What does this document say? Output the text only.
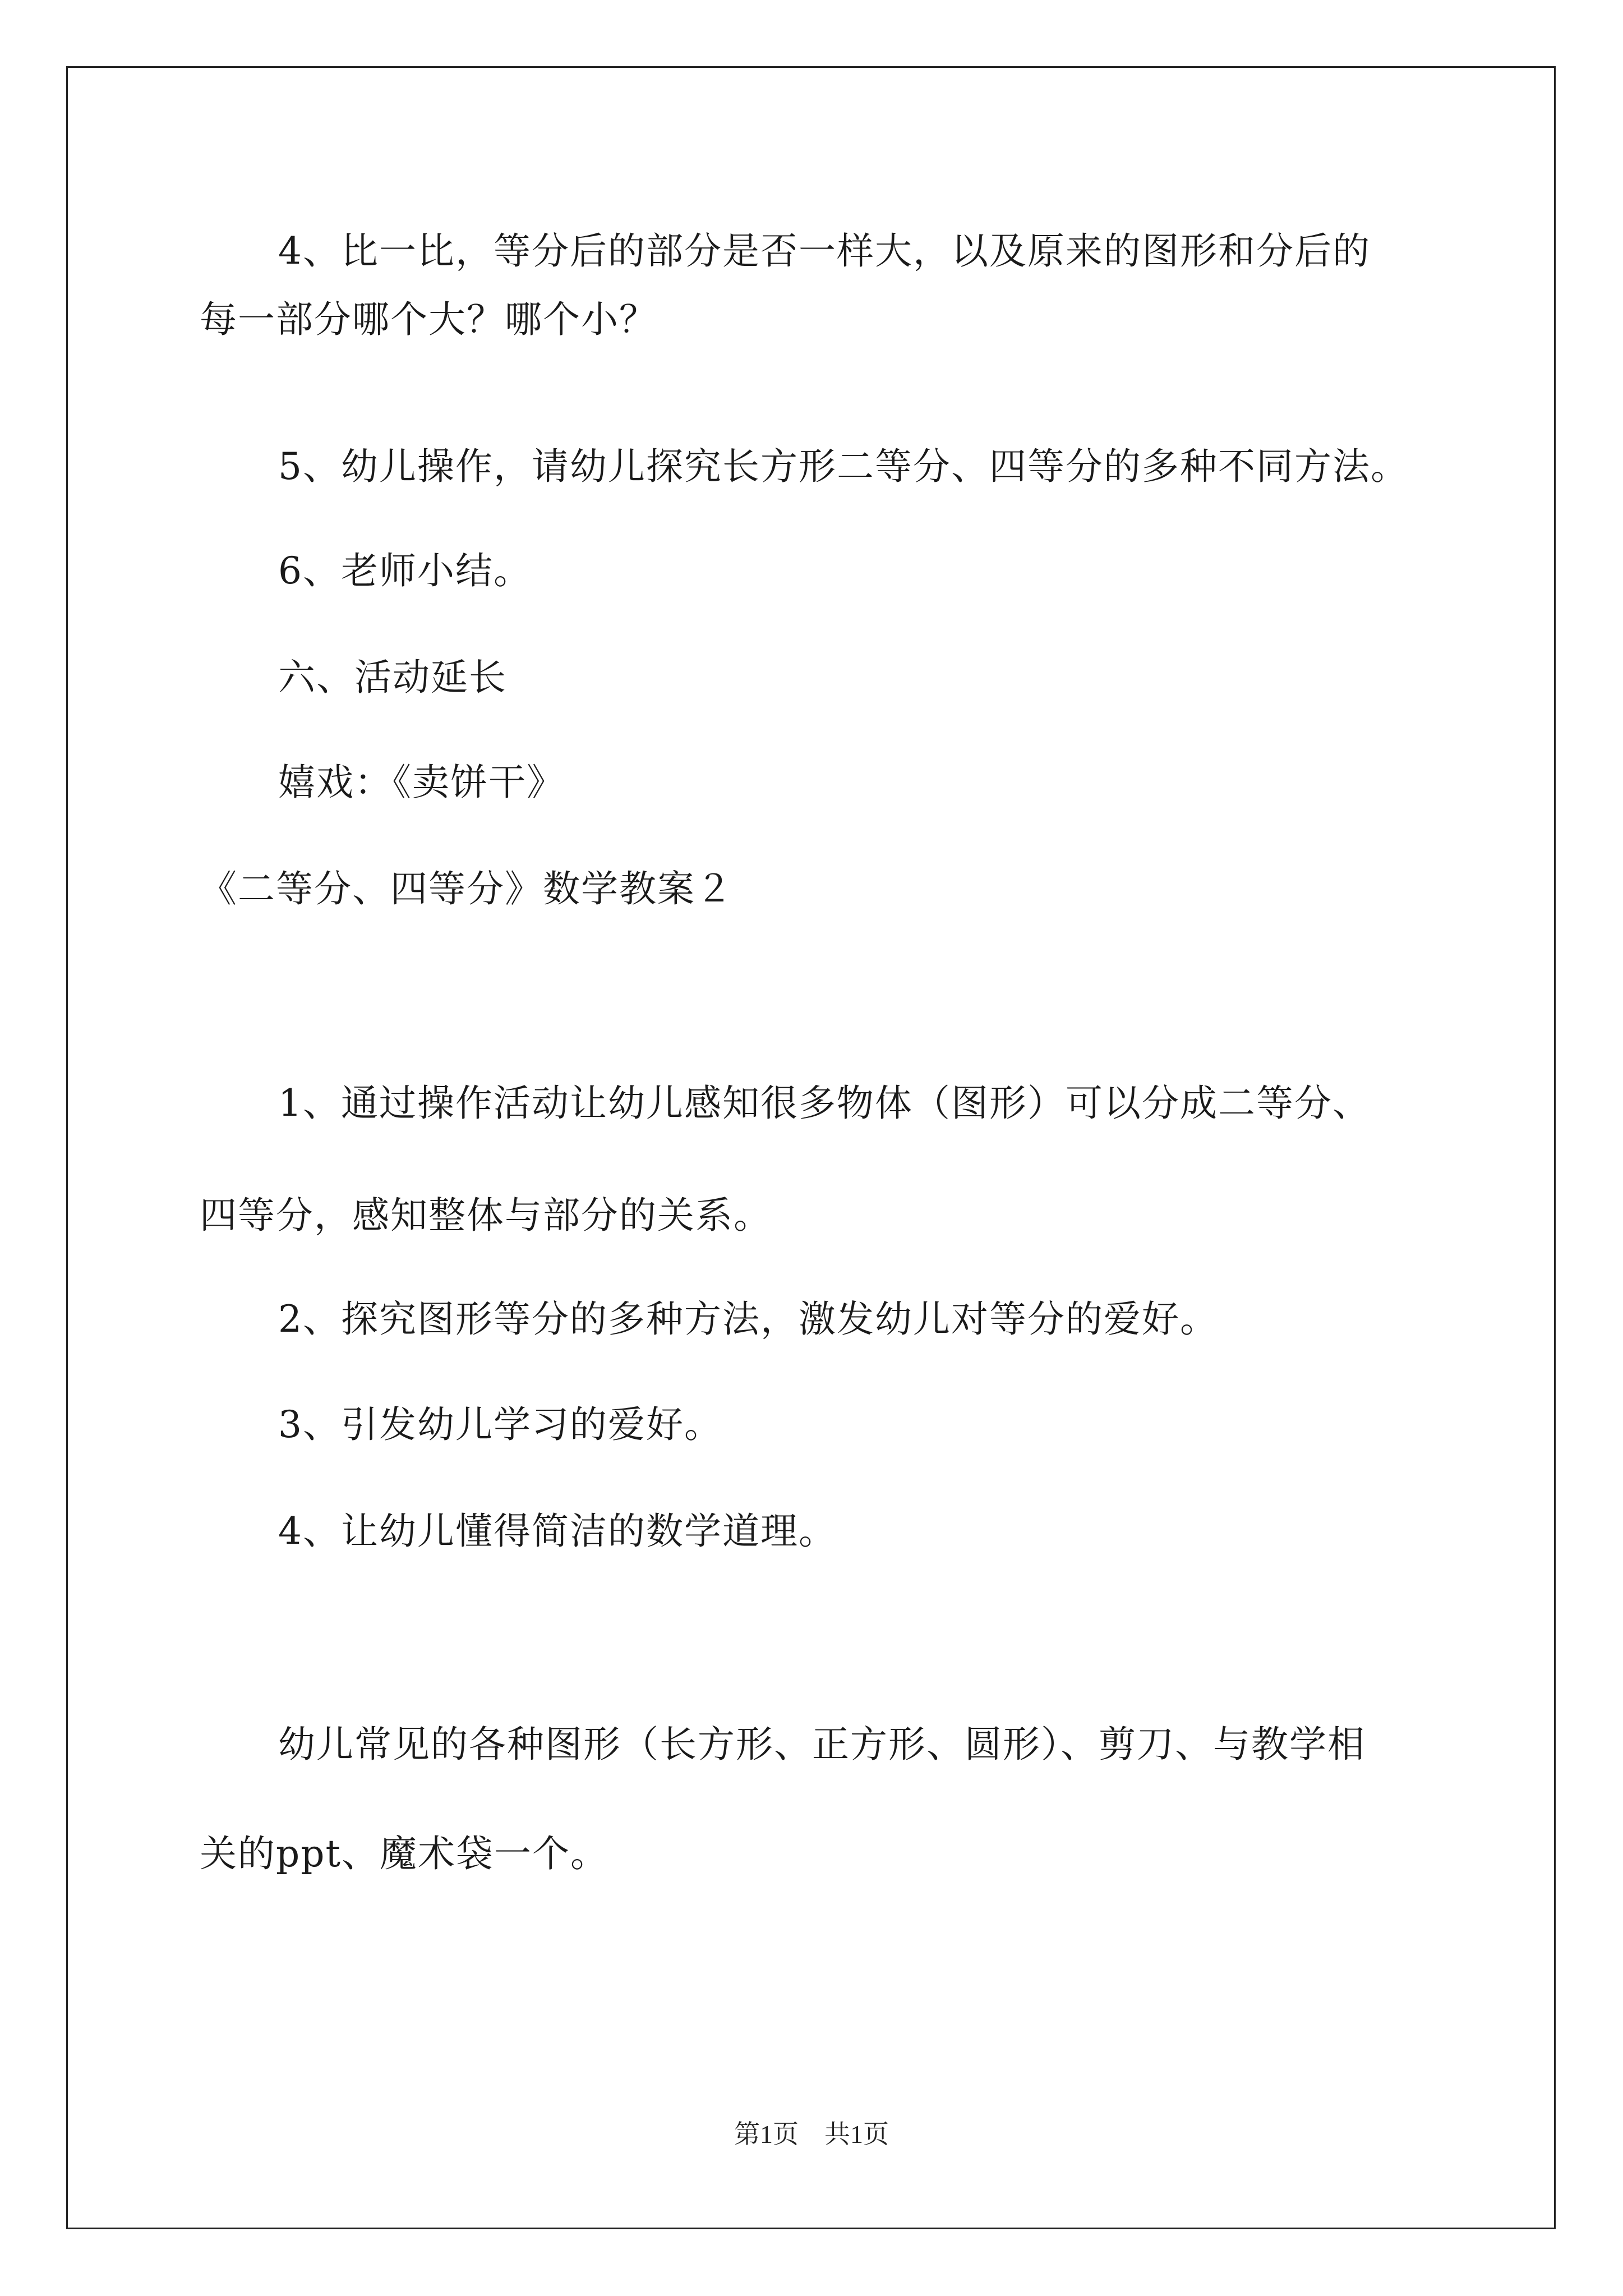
4、比一比，等分后的部分是否一样大，以及原来的图形和分后的
每一部分哪个大？哪个小？
5、幼儿操作，请幼儿探究长方形二等分、四等分的多种不同方法。
6、老师小结。
六、活动延长
嬉戏：《卖饼干》
《二等分、四等分》数学教案２
1、通过操作活动让幼儿感知很多物体（图形）可以分成二等分、
四等分，感知整体与部分的关系。
2、探究图形等分的多种方法，激发幼儿对等分的爱好。
3、引发幼儿学习的爱好。
4、让幼儿懂得简洁的数学道理。
幼儿常见的各种图形（长方形、正方形、圆形）、剪刀、与教学相
关的ppt、魔术袋一个。
第1页　共1页
